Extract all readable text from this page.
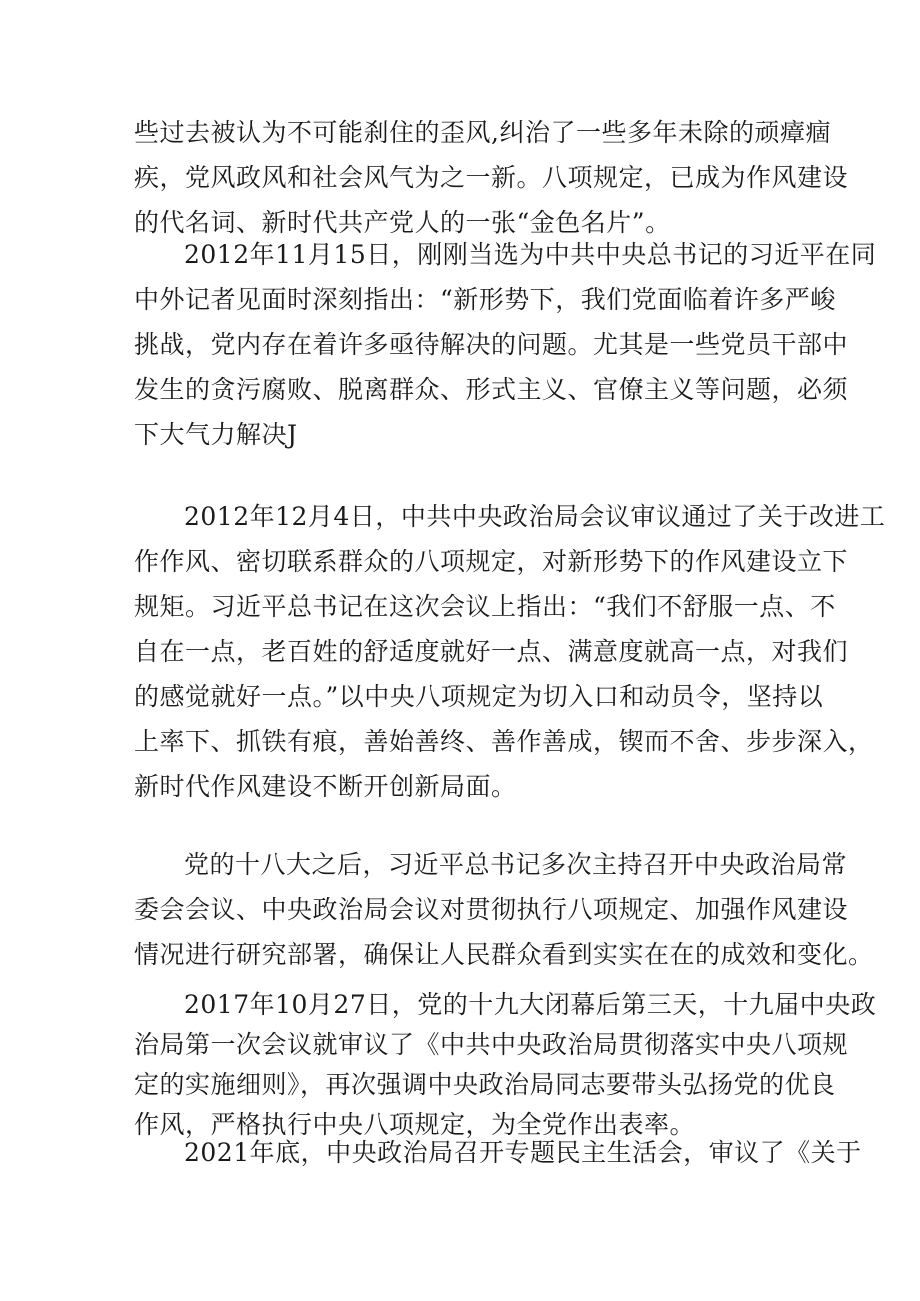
些过去被认为不可能刹住的歪风,纠治了一些多年未除的顽瘴痼
疾，党风政风和社会风气为之一新。八项规定，已成为作风建设
的代名词、新时代共产党人的一张“金色名片”。

2012年11月15日，刚刚当选为中共中央总书记的习近平在同
中外记者见面时深刻指出：“新形势下，我们党面临着许多严峻
挑战，党内存在着许多亟待解决的问题。尤其是一些党员干部中
发生的贪污腐败、脱离群众、形式主义、官僚主义等问题，必须
下大气力解决J

2012年12月4日，中共中央政治局会议审议通过了关于改进工
作作风、密切联系群众的八项规定，对新形势下的作风建设立下
规矩。习近平总书记在这次会议上指出：“我们不舒服一点、不
自在一点，老百姓的舒适度就好一点、满意度就高一点，对我们
的感觉就好一点。”以中央八项规定为切入口和动员令，坚持以
上率下、抓铁有痕，善始善终、善作善成，锲而不舍、步步深入，
新时代作风建设不断开创新局面。

党的十八大之后，习近平总书记多次主持召开中央政治局常
委会会议、中央政治局会议对贯彻执行八项规定、加强作风建设
情况进行研究部署，确保让人民群众看到实实在在的成效和变化。

2017年10月27日，党的十九大闭幕后第三天，十九届中央政
治局第一次会议就审议了《中共中央政治局贯彻落实中央八项规
定的实施细则》，再次强调中央政治局同志要带头弘扬党的优良
作风，严格执行中央八项规定，为全党作出表率。

2021年底，中央政治局召开专题民主生活会，审议了《关于
